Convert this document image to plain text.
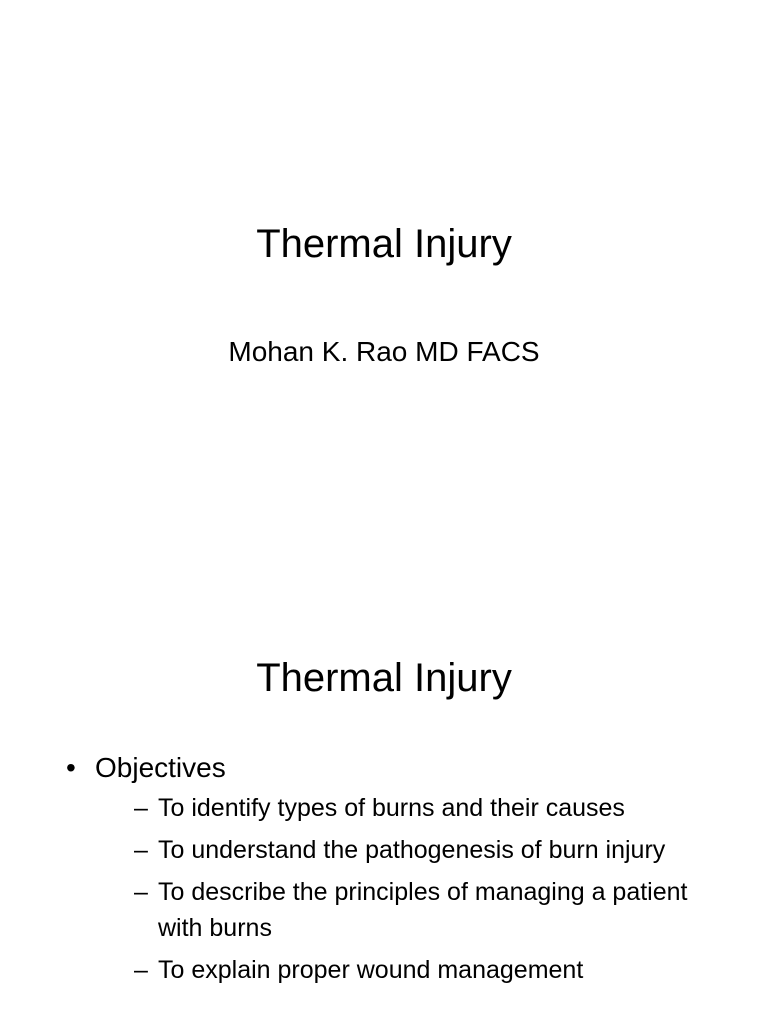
Thermal Injury

Mohan K. Rao MD FACS

Thermal Injury
• Objectives
– To identify types of burns and their causes
– To understand the pathogenesis of burn injury
– To describe the principles of managing a patient with burns
– To explain proper wound management
